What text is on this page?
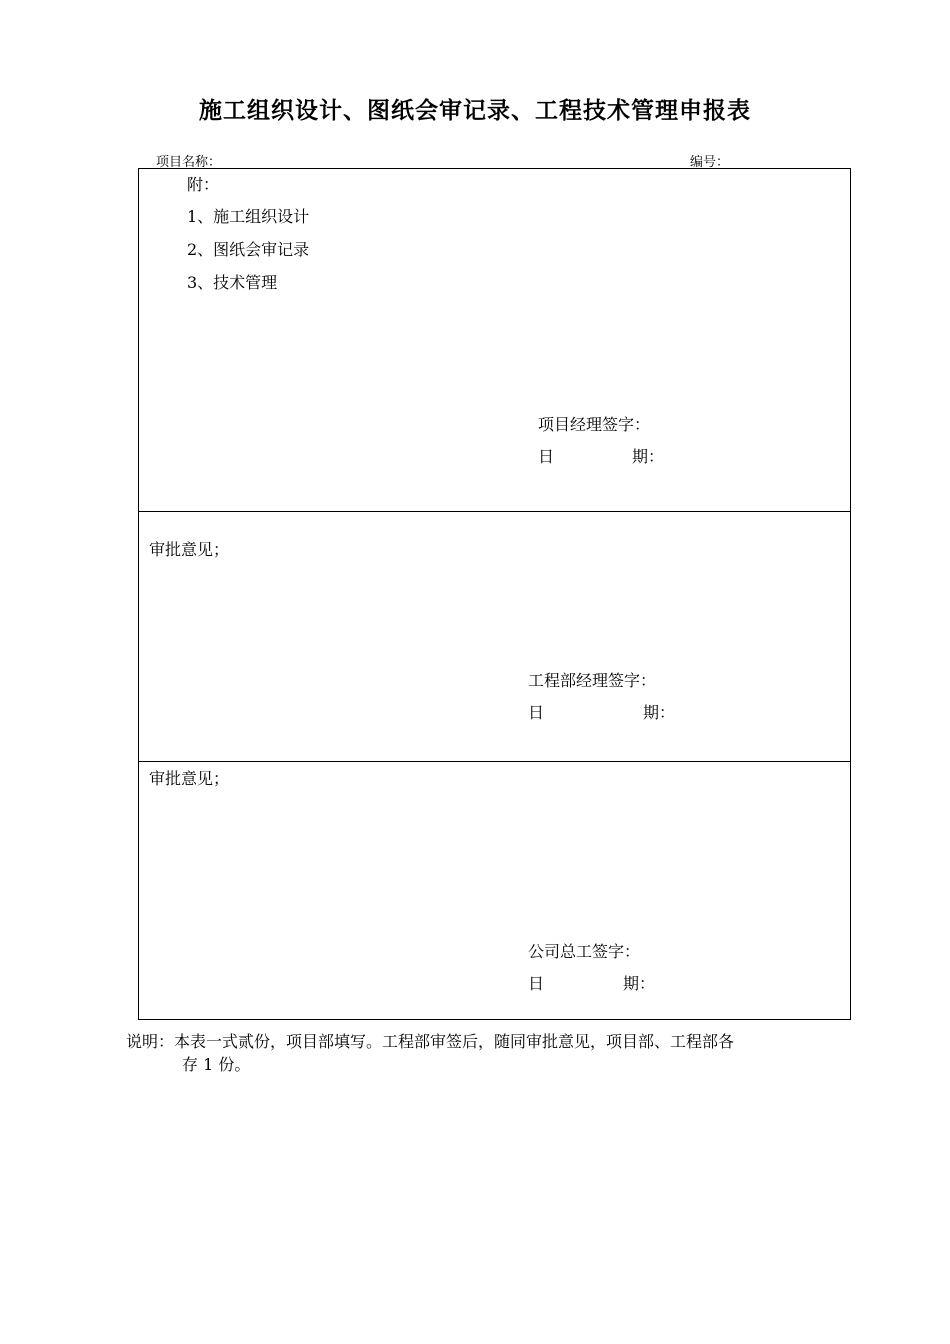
施工组织设计、图纸会审记录、工程技术管理申报表
项目名称：	编号：
附：
1、施工组织设计
2、图纸会审记录
3、技术管理
项目经理签字：
日	期：
审批意见；
工程部经理签字：
日	期：
审批意见；
公司总工签字：
日	期：
说明：本表一式贰份，项目部填写。工程部审签后，随同审批意见，项目部、工程部各
存 1 份。
